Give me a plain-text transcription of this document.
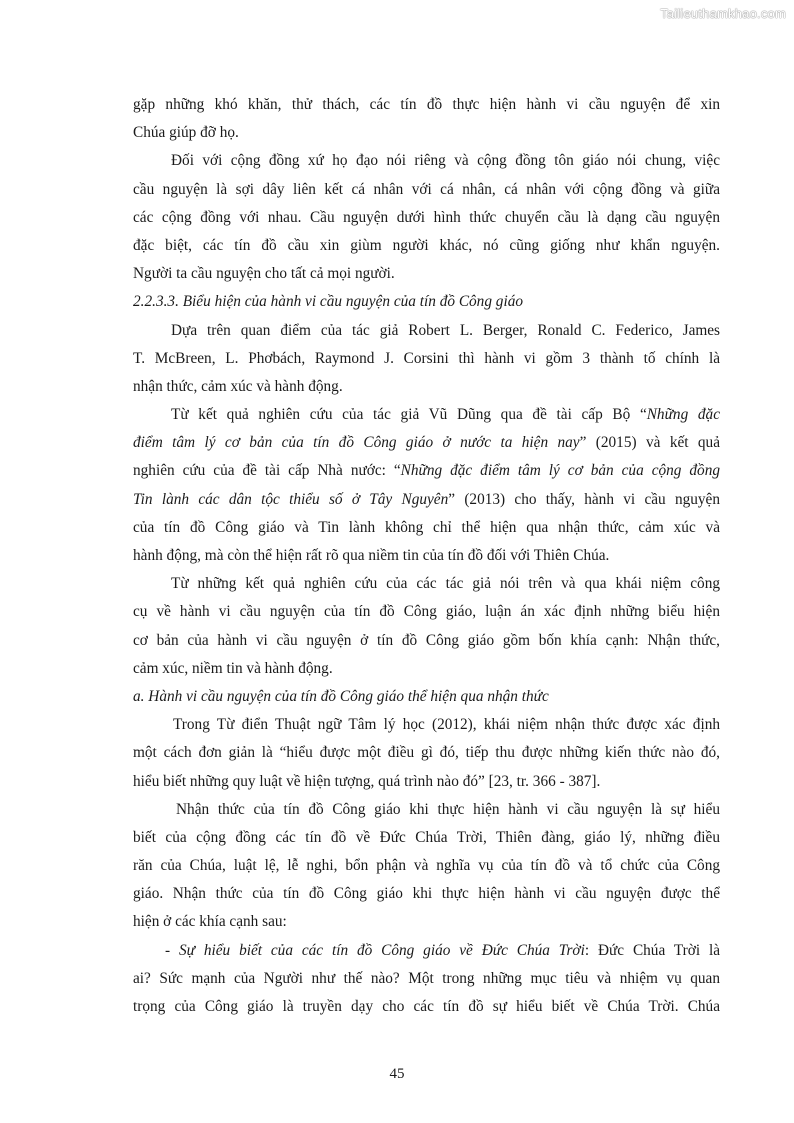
Tailieuthamkhao.com
gặp những khó khăn, thử thách, các tín đồ thực hiện hành vi cầu nguyện để xin
Chúa giúp đỡ họ.
Đối với cộng đồng xứ họ đạo nói riêng và cộng đồng tôn giáo nói chung, việc
cầu nguyện là sợi dây liên kết cá nhân với cá nhân, cá nhân với cộng đồng và giữa
các cộng đồng với nhau. Cầu nguyện dưới hình thức chuyển cầu là dạng cầu nguyện
đặc biệt, các tín đồ cầu xin giùm người khác, nó cũng giống như khẩn nguyện.
Người ta cầu nguyện cho tất cả mọi người.
2.2.3.3. Biểu hiện của hành vi cầu nguyện của tín đồ Công giáo
Dựa trên quan điểm của tác giả Robert L. Berger, Ronald C. Federico, James
T. McBreen, L. Phơbách, Raymond J. Corsini thì hành vi gồm 3 thành tố chính là
nhận thức, cảm xúc và hành động.
Từ kết quả nghiên cứu của tác giả Vũ Dũng qua đề tài cấp Bộ “Những đặc
điểm tâm lý cơ bản của tín đồ Công giáo ở nước ta hiện nay” (2015) và kết quả
nghiên cứu của đề tài cấp Nhà nước: “Những đặc điểm tâm lý cơ bản của cộng đồng
Tin lành các dân tộc thiểu số ở Tây Nguyên” (2013) cho thấy, hành vi cầu nguyện
của tín đồ Công giáo và Tin lành không chỉ thể hiện qua nhận thức, cảm xúc và
hành động, mà còn thể hiện rất rõ qua niềm tin của tín đồ đối với Thiên Chúa.
Từ những kết quả nghiên cứu của các tác giả nói trên và qua khái niệm công
cụ về hành vi cầu nguyện của tín đồ Công giáo, luận án xác định những biểu hiện
cơ bản của hành vi cầu nguyện ở tín đồ Công giáo gồm bốn khía cạnh: Nhận thức,
cảm xúc, niềm tin và hành động.
a. Hành vi cầu nguyện của tín đồ Công giáo thể hiện qua nhận thức
Trong Từ điển Thuật ngữ Tâm lý học (2012), khái niệm nhận thức được xác định
một cách đơn giản là “hiểu được một điều gì đó, tiếp thu được những kiến thức nào đó,
hiểu biết những quy luật về hiện tượng, quá trình nào đó” [23, tr. 366 - 387].
Nhận thức của tín đồ Công giáo khi thực hiện hành vi cầu nguyện là sự hiểu
biết của cộng đồng các tín đồ về Đức Chúa Trời, Thiên đàng, giáo lý, những điều
răn của Chúa, luật lệ, lễ nghi, bổn phận và nghĩa vụ của tín đồ và tổ chức của Công
giáo. Nhận thức của tín đồ Công giáo khi thực hiện hành vi cầu nguyện được thể
hiện ở các khía cạnh sau:
- Sự hiểu biết của các tín đồ Công giáo về Đức Chúa Trời: Đức Chúa Trời là
ai? Sức mạnh của Người như thế nào? Một trong những mục tiêu và nhiệm vụ quan
trọng của Công giáo là truyền dạy cho các tín đồ sự hiểu biết về Chúa Trời. Chúa
45
